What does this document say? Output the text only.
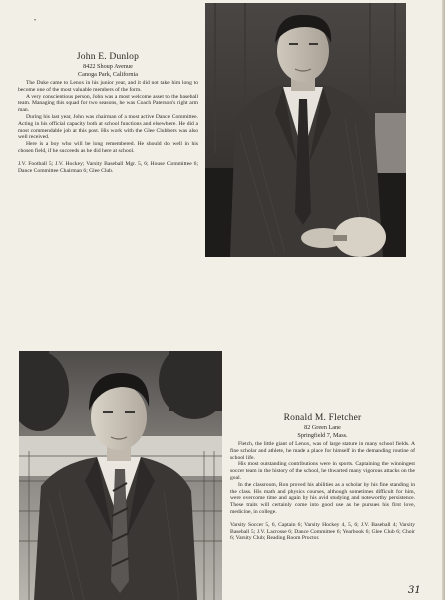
•
John E. Dunlop
8422 Shoup Avenue
Canoga Park, California

The Duke came to Lenox in his junior year, and it did not take him long to become one of the most valuable members of the form.

A very conscientious person, John was a most welcome asset to the baseball team. Managing this squad for two seasons, he was Coach Paterson's right arm man.

During his last year, John was chairman of a most active Dance Committee. Acting in his official capacity both at school functions and elsewhere. He did a most commendable job at this post. His work with the Glee Clubbers was also well received.

Here is a boy who will be long remembered. He should do well in his chosen field, if he succeeds as he did here at school.

J.V. Football 5; J.V. Hockey; Varsity Baseball Mgr. 5, 6; House Committee 6; Dance Committee Chairman 6; Glee Club.
Ronald M. Fletcher
82 Green Lane
Springfield 7, Mass.

Fletch, the little giant of Lenox, was of large stature in many school fields. A fine scholar and athlete, he made a place for himself in the demanding routine of school life.

His most outstanding contributions were in sports. Captaining the winningest soccer team in the history of the school, he thwarted many vigorous attacks on the goal.

In the classroom, Ron proved his abilities as a scholar by his fine standing in the class. His math and physics courses, although sometimes difficult for him, were overcome time and again by his avid studying and noteworthy persistence. These traits will certainly come into good use as he pursues his first love, medicine, in college.

Varsity Soccer 5, 6, Captain 6; Varsity Hockey 4, 5, 6; J.V. Baseball 4; Varsity Baseball 5; J.V. Lacrosse 6; Dance Committee 6; Yearbook 6; Glee Club 6; Choir 6; Varsity Club; Reading Room Proctor.
31
